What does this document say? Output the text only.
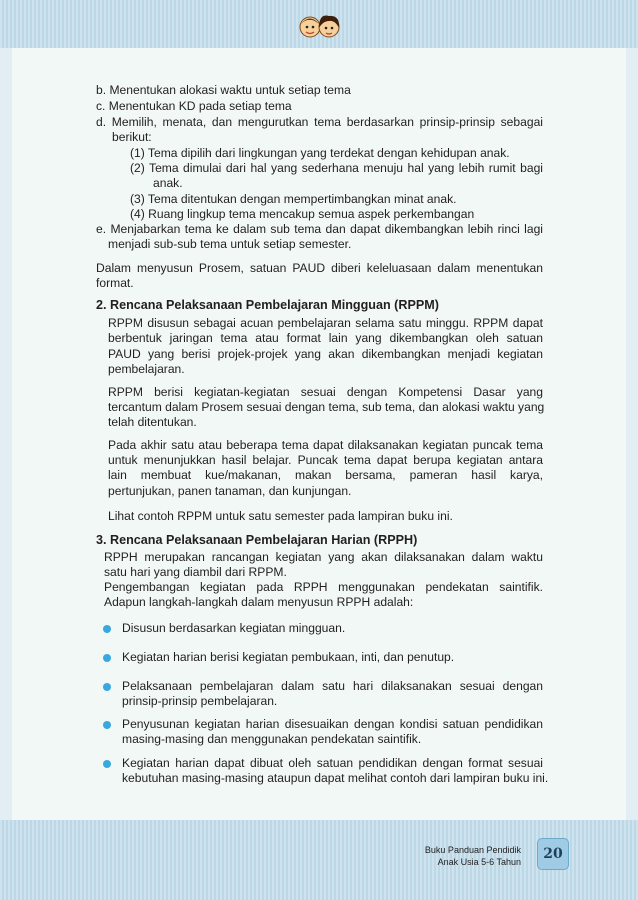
b. Menentukan alokasi waktu untuk setiap tema
c. Menentukan KD pada setiap tema
d. Memilih, menata, dan mengurutkan tema berdasarkan prinsip-prinsip sebagai
berikut:
(1) Tema dipilih dari lingkungan yang terdekat dengan kehidupan anak.
(2) Tema dimulai dari hal yang sederhana menuju hal yang lebih rumit bagi
anak.
(3) Tema ditentukan dengan mempertimbangkan minat anak.
(4) Ruang lingkup tema mencakup semua aspek perkembangan
e. Menjabarkan tema ke dalam sub tema dan dapat dikembangkan lebih rinci lagi
menjadi sub-sub tema untuk setiap semester.
Dalam menyusun Prosem, satuan PAUD diberi keleluasaan dalam menentukan
format.
2. Rencana Pelaksanaan Pembelajaran Mingguan (RPPM)
RPPM disusun sebagai acuan pembelajaran selama satu minggu. RPPM dapat
berbentuk jaringan tema atau format lain yang dikembangkan oleh satuan
PAUD yang berisi projek-projek yang akan dikembangkan menjadi kegiatan
pembelajaran.
RPPM berisi kegiatan-kegiatan sesuai dengan Kompetensi Dasar yang
tercantum dalam Prosem sesuai dengan tema, sub tema, dan alokasi waktu yang
telah ditentukan.
Pada akhir satu atau beberapa tema dapat dilaksanakan kegiatan puncak tema
untuk menunjukkan hasil belajar. Puncak tema dapat berupa kegiatan antara
lain membuat kue/makanan, makan bersama, pameran hasil karya,
pertunjukan, panen tanaman, dan kunjungan.
Lihat contoh RPPM untuk satu semester pada lampiran buku ini.
3. Rencana Pelaksanaan Pembelajaran Harian (RPPH)
RPPH merupakan rancangan kegiatan yang akan dilaksanakan dalam waktu
satu hari yang diambil dari RPPM.
Pengembangan kegiatan pada RPPH menggunakan pendekatan saintifik.
Adapun langkah-langkah dalam menyusun RPPH adalah:
Disusun berdasarkan kegiatan mingguan.
Kegiatan harian berisi kegiatan pembukaan, inti, dan penutup.
Pelaksanaan pembelajaran dalam satu hari dilaksanakan sesuai dengan
prinsip-prinsip pembelajaran.
Penyusunan kegiatan harian disesuaikan dengan kondisi satuan pendidikan
masing-masing dan menggunakan pendekatan saintifik.
Kegiatan harian dapat dibuat oleh satuan pendidikan dengan format sesuai
kebutuhan masing-masing ataupun dapat melihat contoh dari lampiran buku ini.
Buku Panduan Pendidik
Anak Usia 5-6 Tahun	20
